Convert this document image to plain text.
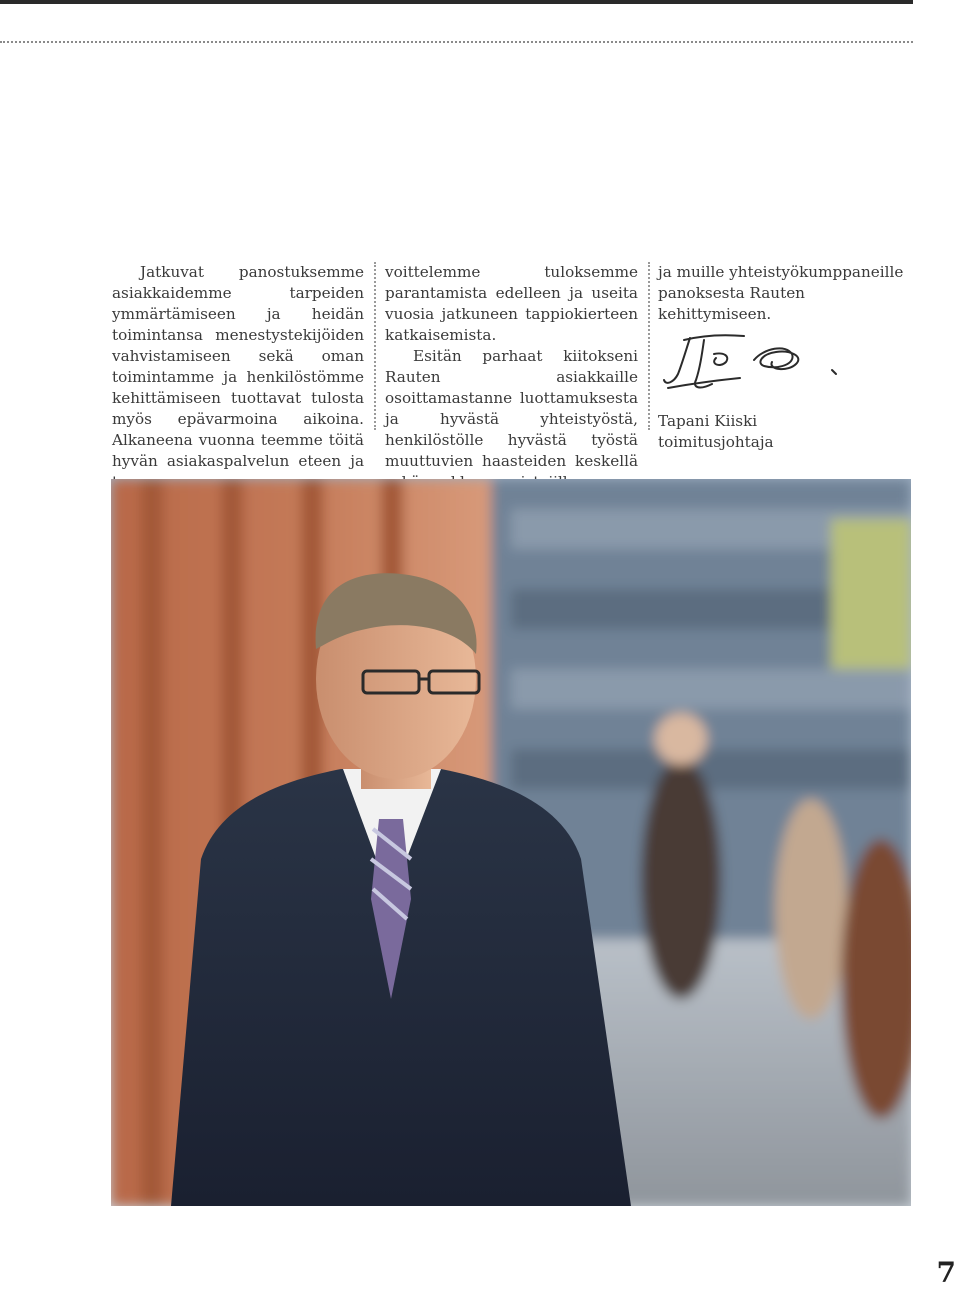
Jatkuvat panostuksemme asiakkaidemme tarpeiden ymmärtämiseen ja heidän toimintansa menestystekijöiden vahvistamiseen sekä oman toimintamme ja henkilöstömme kehittämiseen tuottavat tulosta myös epävarmoina aikoina. Alkaneena vuonna teemme töitä hyvän asiakaspalvelun eteen ja

voittelemme tuloksemme parantamista edelleen ja useita vuosia jatkuneen tappiokierteen katkaisemista.

Esitän parhaat kiitokseni Rauten asiakkaille osoittamastanne luottamuksesta ja hyvästä yhteistyöstä, henkilöstölle hyvästä työstä muuttuvien haasteiden keskellä

ja muille yhteistyökumppaneille panoksesta Rauten kehittymiseen.

Tapani Kiiski

toimitusjohtaja

7
